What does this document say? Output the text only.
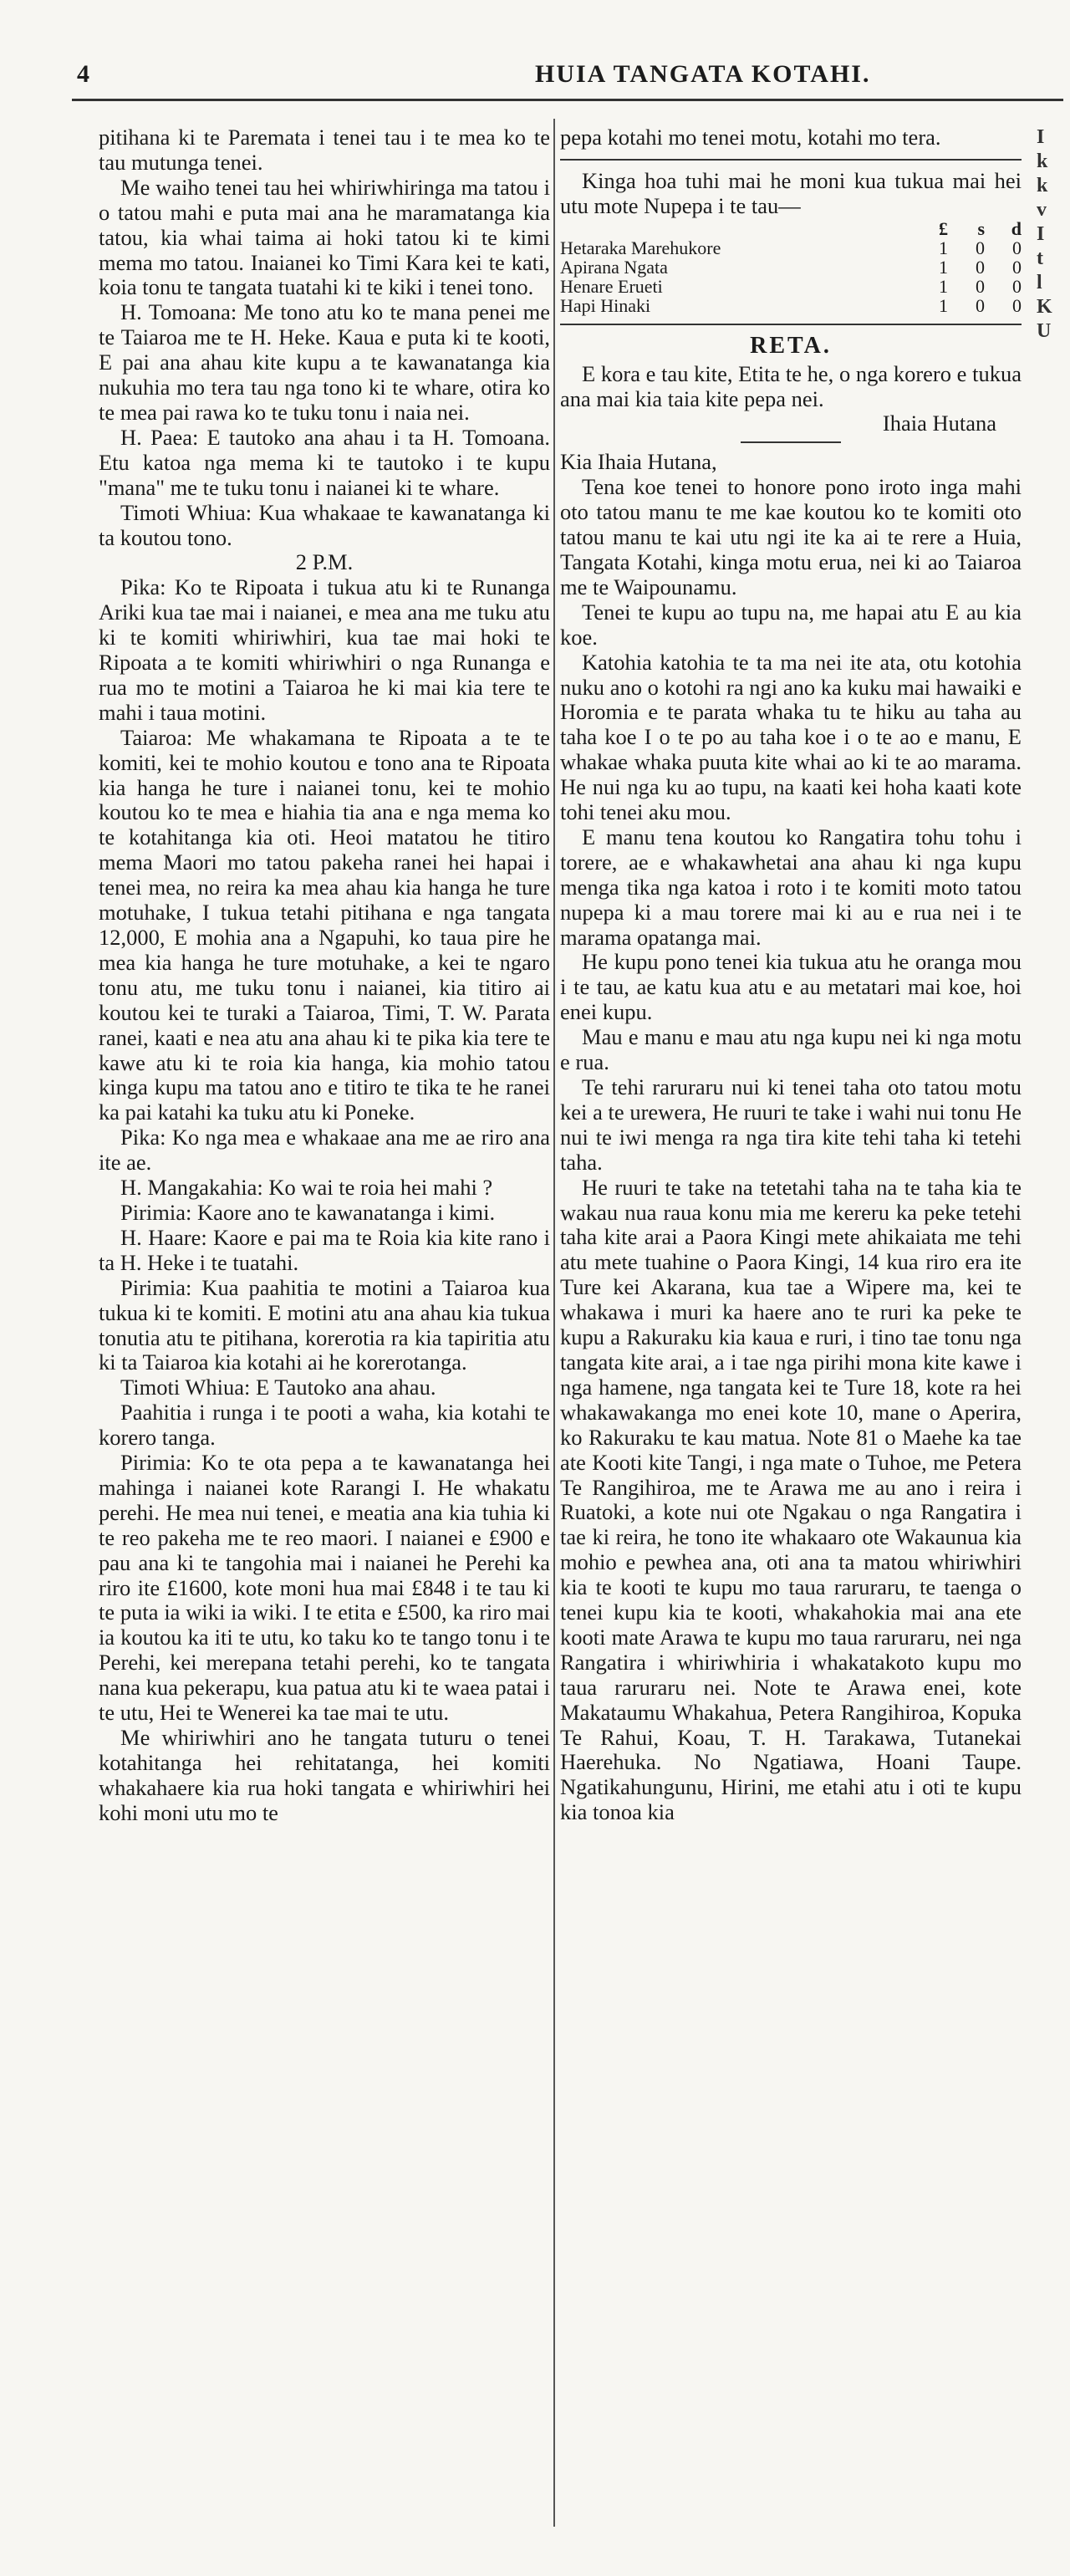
4	HUIA TANGATA KOTAHI.

pitihana ki te Paremata i tenei tau i te mea ko te tau mutunga tenei.

Me waiho tenei tau hei whiriwhiringa ma tatou i o tatou mahi e puta mai ana he maramatanga kia tatou, kia whai taima ai hoki tatou ki te kimi mema mo tatou. Inaianei ko Timi Kara kei te kati, koia tonu te tangata tuatahi ki te kiki i tenei tono.

H. Tomoana: Me tono atu ko te mana penei me te Taiaroa me te H. Heke. Kaua e puta ki te kooti, E pai ana ahau kite kupu a te kawanatanga kia nukuhia mo tera tau nga tono ki te whare, otira ko te mea pai rawa ko te tuku tonu i naia nei.

H. Paea: E tautoko ana ahau i ta H. Tomoana. Etu katoa nga mema ki te tautoko i te kupu "mana" me te tuku tonu i naianei ki te whare.

Timoti Whiua: Kua whakaae te kawanatanga ki ta koutou tono.

2 P.M.

Pika: Ko te Ripoata i tukua atu ki te Runanga Ariki kua tae mai i naianei, e mea ana me tuku atu ki te komiti whiriwhiri, kua tae mai hoki te Ripoata a te komiti whiriwhiri o nga Runanga e rua mo te motini a Taiaroa he ki mai kia tere te mahi i taua motini.

Taiaroa: Me whakamana te Ripoata a te te komiti, kei te mohio koutou e tono ana te Ripoata kia hanga he ture i naianei tonu, kei te mohio koutou ko te mea e hiahia tia ana e nga mema ko te kotahitanga kia oti. Heoi matatou he titiro mema Maori mo tatou pakeha ranei hei hapai i tenei mea, no reira ka mea ahau kia hanga he ture motuhake, I tukua tetahi pitihana e nga tangata 12,000, E mohia ana a Ngapuhi, ko taua pire he mea kia hanga he ture motuhake, a kei te ngaro tonu atu, me tuku tonu i naianei, kia titiro ai koutou kei te turaki a Taiaroa, Timi, T. W. Parata ranei, kaati e nea atu ana ahau ki te pika kia tere te kawe atu ki te roia kia hanga, kia mohio tatou kinga kupu ma tatou ano e titiro te tika te he ranei ka pai katahi ka tuku atu ki Poneke.

Pika: Ko nga mea e whakaae ana me ae riro ana ite ae.

H. Mangakahia: Ko wai te roia hei mahi ?

Pirimia: Kaore ano te kawanatanga i kimi.

H. Haare: Kaore e pai ma te Roia kia kite rano i ta H. Heke i te tuatahi.

Pirimia: Kua paahitia te motini a Taiaroa kua tukua ki te komiti. E motini atu ana ahau kia tukua tonutia atu te pitihana, korerotia ra kia tapiritia atu ki ta Taiaroa kia kotahi ai he korerotanga.

Timoti Whiua: E Tautoko ana ahau.

Paahitia i runga i te pooti a waha, kia kotahi te korero tanga.

Pirimia: Ko te ota pepa a te kawanatanga hei mahinga i naianei kote Rarangi I. He whakatu perehi. He mea nui tenei, e meatia ana kia tuhia ki te reo pakeha me te reo maori. I naianei e £900 e pau ana ki te tangohia mai i naianei he Perehi ka riro ite £1600, kote moni hua mai £848 i te tau ki te puta ia wiki ia wiki. I te etita e £500, ka riro mai ia koutou ka iti te utu, ko taku ko te tango tonu i te Perehi, kei merepana tetahi perehi, ko te tangata nana kua pekerapu, kua patua atu ki te waea patai i te utu, Hei te Wenerei ka tae mai te utu.

Me whiriwhiri ano he tangata tuturu o tenei kotahitanga hei rehitatanga, hei komiti whakahaere kia rua hoki tangata e whiriwhiri hei kohi moni utu mo te

pepa kotahi mo tenei motu, kotahi mo tera.

Kinga hoa tuhi mai he moni kua tukua mai hei utu mote Nupepa i te tau—

	£	s	d
Hetaraka Marehukore	1	0	0
Apirana Ngata	1	0	0
Henare Erueti	1	0	0
Hapi Hinaki	1	0	0
RETA.

E kora e tau kite, Etita te he, o nga korero e tukua ana mai kia taia kite pepa nei.

Ihaia Hutana

Kia Ihaia Hutana,

Tena koe tenei to honore pono iroto inga mahi oto tatou manu te me kae koutou ko te komiti oto tatou manu te kai utu ngi ite ka ai te rere a Huia, Tangata Kotahi, kinga motu erua, nei ki ao Taiaroa me te Waipounamu.

Tenei te kupu ao tupu na, me hapai atu E au kia koe.

Katohia katohia te ta ma nei ite ata, otu kotohia nuku ano o kotohi ra ngi ano ka kuku mai hawaiki e Horomia e te parata whaka tu te hiku au taha au taha koe I o te po au taha koe i o te ao e manu, E whakae whaka puuta kite whai ao ki te ao marama. He nui nga ku ao tupu, na kaati kei hoha kaati kote tohi tenei aku mou.

E manu tena koutou ko Rangatira tohu tohu i torere, ae e whakawhetai ana ahau ki nga kupu menga tika nga katoa i roto i te komiti moto tatou nupepa ki a mau torere mai ki au e rua nei i te marama opatanga mai.

He kupu pono tenei kia tukua atu he oranga mou i te tau, ae katu kua atu e au metatari mai koe, hoi enei kupu.

Mau e manu e mau atu nga kupu nei ki nga motu e rua.

Te tehi raruraru nui ki tenei taha oto tatou motu kei a te urewera, He ruuri te take i wahi nui tonu He nui te iwi menga ra nga tira kite tehi taha ki tetehi taha.

He ruuri te take na tetetahi taha na te taha kia te wakau nua raua konu mia me kereru ka peke tetehi taha kite arai a Paora Kingi mete ahikaiata me tehi atu mete tuahine o Paora Kingi, 14 kua riro era ite Ture kei Akarana, kua tae a Wipere ma, kei te whakawa i muri ka haere ano te ruri ka peke te kupu a Rakuraku kia kaua e ruri, i tino tae tonu nga tangata kite arai, a i tae nga pirihi mona kite kawe i nga hamene, nga tangata kei te Ture 18, kote ra hei whakawakanga mo enei kote 10, mane o Aperira, ko Rakuraku te kau matua. Note 81 o Maehe ka tae ate Kooti kite Tangi, i nga mate o Tuhoe, me Petera Te Rangihiroa, me te Arawa me au ano i reira i Ruatoki, a kote nui ote Ngakau o nga Rangatira i tae ki reira, he tono ite whakaaro ote Wakaunua kia mohio e pewhea ana, oti ana ta matou whiriwhiri kia te kooti te kupu mo taua raruraru, te taenga o tenei kupu kia te kooti, whakahokia mai ana ete kooti mate Arawa te kupu mo taua raruraru, nei nga Rangatira i whiriwhiria i whakatakoto kupu mo taua raruraru nei. Note te Arawa enei, kote Makataumu Whakahua, Petera Rangihiroa, Kopuka Te Rahui, Koau, T. H. Tarakawa, Tutanekai Haerehuka. No Ngatiawa, Hoani Taupe. Ngatikahungunu, Hirini, me etahi atu i oti te kupu kia tonoa kia

I
k
k
v
I
t
l
K
U
